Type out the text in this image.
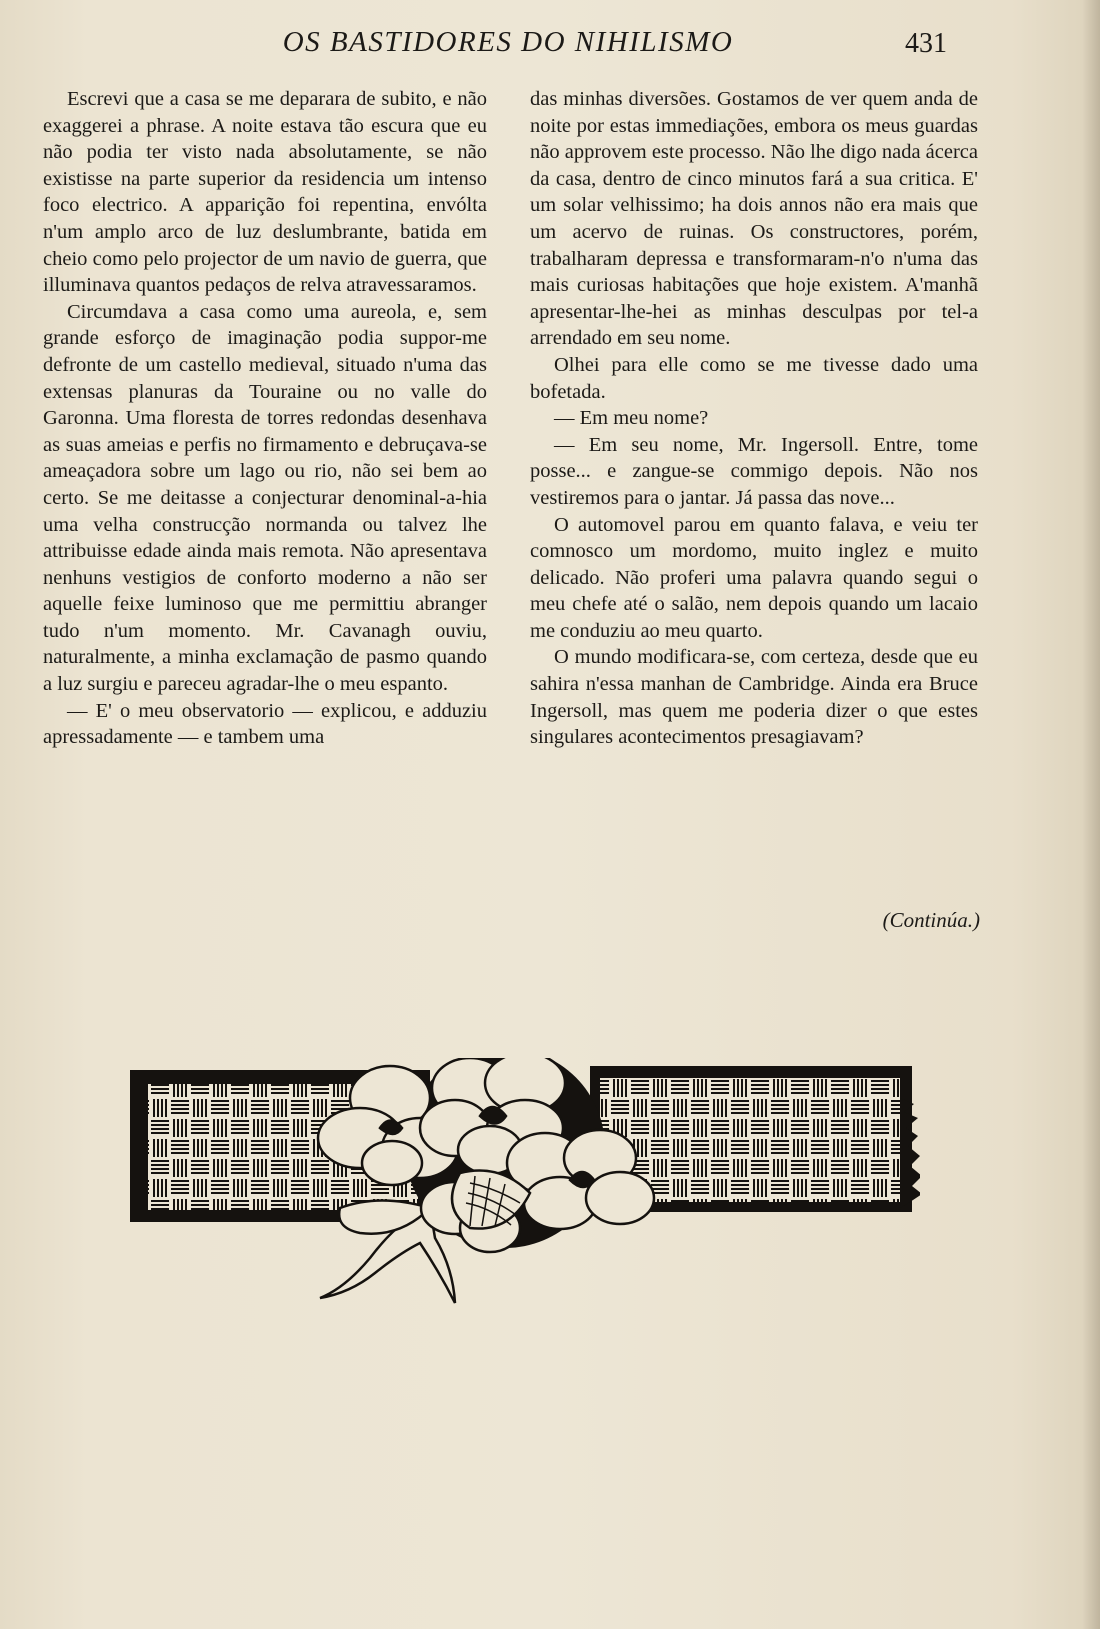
OS BASTIDORES DO NIHILISMO	431

Escrevi que a casa se me deparara de subito, e não exaggerei a phrase. A noite estava tão escura que eu não podia ter visto nada absolutamente, se não existisse na parte superior da residencia um intenso foco electrico. A apparição foi repentina, envólta n'um amplo arco de luz deslumbrante, batida em cheio como pelo projector de um navio de guerra, que illuminava quantos pedaços de relva atravessaramos.

Circumdava a casa como uma aureola, e, sem grande esforço de imaginação podia suppor-me defronte de um castello medieval, situado n'uma das extensas planuras da Touraine ou no valle do Garonna. Uma floresta de torres redondas desenhava as suas ameias e perfis no firmamento e debruçava-se ameaçadora sobre um lago ou rio, não sei bem ao certo. Se me deitasse a conjecturar denominal-a-hia uma velha construcção normanda ou talvez lhe attribuisse edade ainda mais remota. Não apresentava nenhuns vestigios de conforto moderno a não ser aquelle feixe luminoso que me permittiu abranger tudo n'um momento. Mr. Cavanagh ouviu, naturalmente, a minha exclamação de pasmo quando a luz surgiu e pareceu agradar-lhe o meu espanto.

— E' o meu observatorio — explicou, e adduziu apressadamente — e tambem uma

das minhas diversões. Gostamos de ver quem anda de noite por estas immediações, embora os meus guardas não approvem este processo. Não lhe digo nada ácerca da casa, dentro de cinco minutos fará a sua critica. E' um solar velhissimo; ha dois annos não era mais que um acervo de ruinas. Os constructores, porém, trabalharam depressa e transformaram-n'o n'uma das mais curiosas habitações que hoje existem. A'manhã apresentar-lhe-hei as minhas desculpas por tel-a arrendado em seu nome.

Olhei para elle como se me tivesse dado uma bofetada.

— Em meu nome?

— Em seu nome, Mr. Ingersoll. Entre, tome posse... e zangue-se commigo depois. Não nos vestiremos para o jantar. Já passa das nove...

O automovel parou em quanto falava, e veiu ter comnosco um mordomo, muito inglez e muito delicado. Não proferi uma palavra quando segui o meu chefe até o salão, nem depois quando um lacaio me conduziu ao meu quarto.

O mundo modificara-se, com certeza, desde que eu sahira n'essa manhan de Cambridge. Ainda era Bruce Ingersoll, mas quem me poderia dizer o que estes singulares acontecimentos presagiavam?

(Continúa.)
